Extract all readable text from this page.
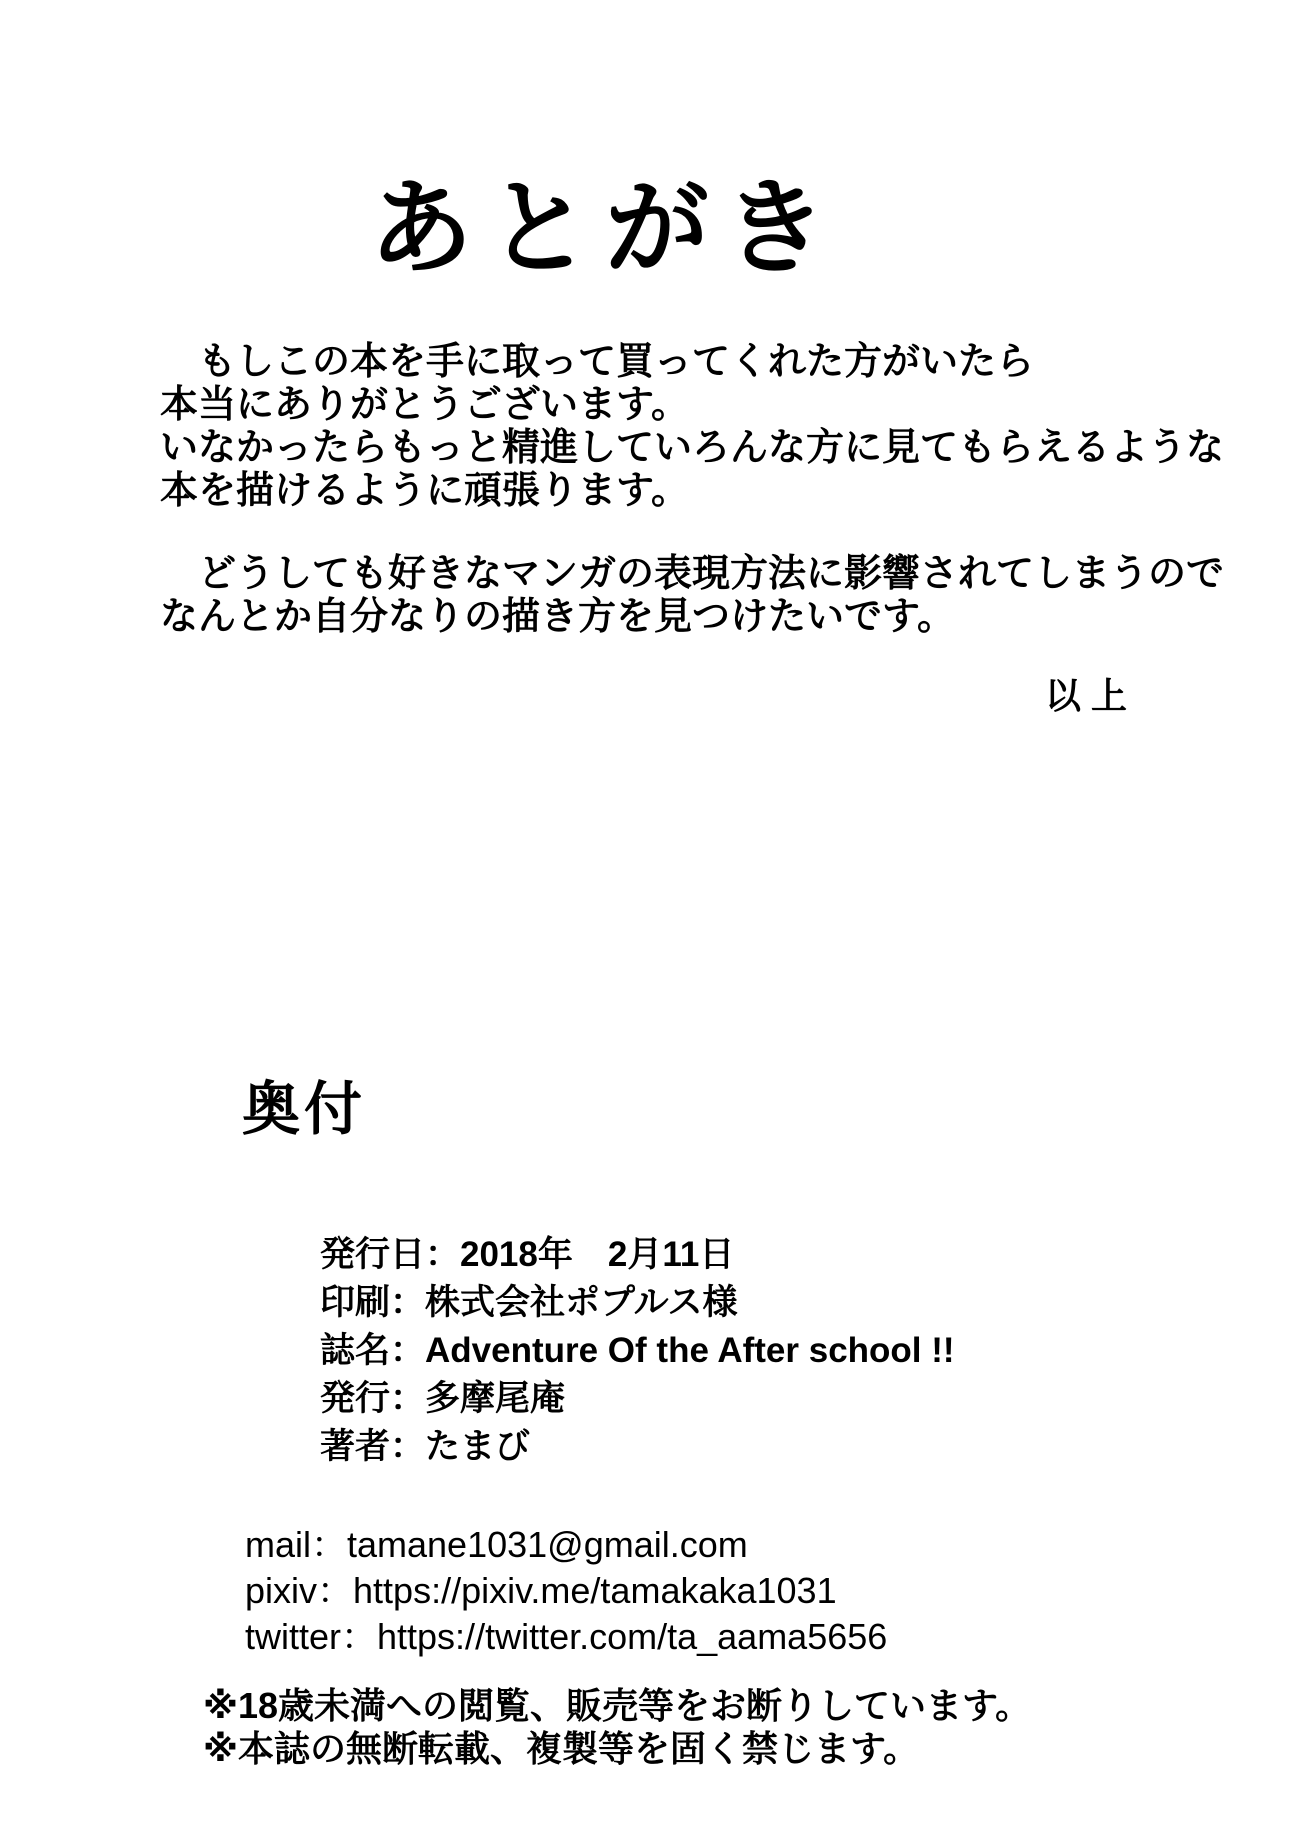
あとがき
　もしこの本を手に取って買ってくれた方がいたら
本当にありがとうございます。
いなかったらもっと精進していろんな方に見てもらえるような
本を描けるように頑張ります。
　どうしても好きなマンガの表現方法に影響されてしまうので
なんとか自分なりの描き方を見つけたいです。
以上
奥付
発行日：2018年　2月11日
印刷：株式会社ポプルス様
誌名：Adventure Of the After school !!
発行：多摩尾庵
著者：たまび
mail：tamane1031@gmail.com
pixiv：https://pixiv.me/tamakaka1031
twitter：https://twitter.com/ta_aama5656
※18歳未満への閲覧、販売等をお断りしています。
※本誌の無断転載、複製等を固く禁じます。
